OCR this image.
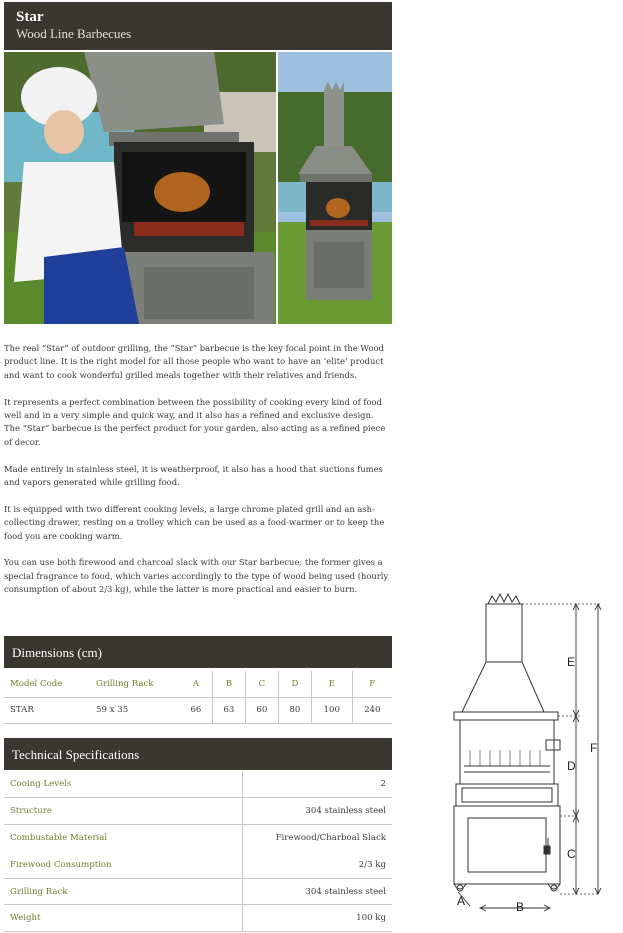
Star
Wood Line Barbecues

The real “Star” of outdoor grilling, the “Star” barbecue is the key focal point in the Wood product line. It is the right model for all those people who want to have an ‘elite’ product and want to cook wonderful grilled meals together with their relatives and friends.

It represents a perfect combination between the possibility of cooking every kind of food well and in a very simple and quick way, and it also has a refined and exclusive design. The “Star” barbecue is the perfect product for your garden, also acting as a refined piece of decor.

Made entirely in stainless steel, it is weatherproof, it also has a hood that suctions fumes and vapors generated while grilling food.

It is equipped with two different cooking levels, a large chrome plated grill and an ash-collecting drawer, resting on a trolley which can be used as a food-warmer or to keep the food you are cooking warm.

You can use both firewood and charcoal slack with our Star barbecue: the former gives a special fragrance to food, which varies accordingly to the type of wood being used (hourly consumption of about 2/3 kg), while the latter is more practical and easier to burn.

Dimensions (cm)
Model Code	Grilling Rack	A	B	C	D	E	F
STAR	59 x 35	66	63	60	80	100	240
Technical Specifications
Cooing Levels	2
Structure	304 stainless steel
Combustable Material	Firewood/Charboal Slack
Firewood Consumption	2/3 kg
Grilling Rack	304 stainless steel
Weight	100 kg
E
D
C
F
A	B
